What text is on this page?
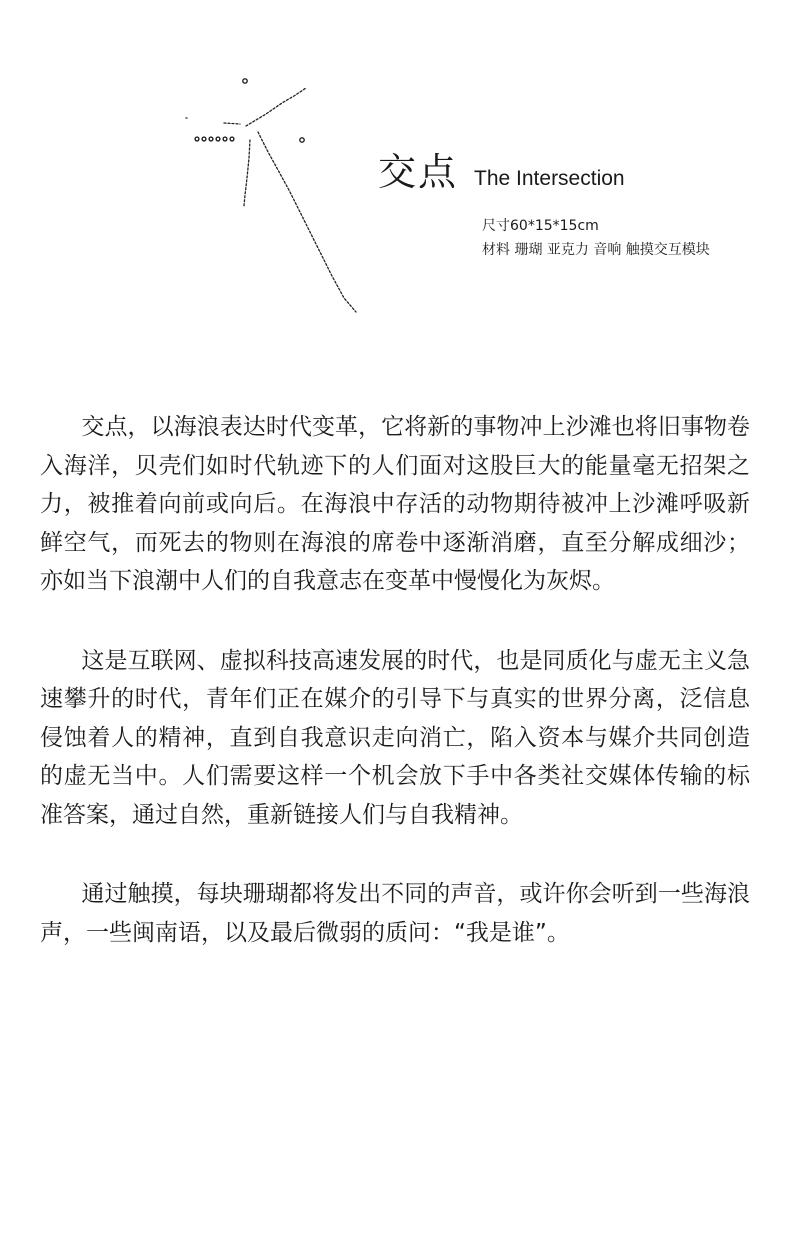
交点 The Intersection
尺寸60*15*15cm
材料 珊瑚 亚克力 音响 触摸交互模块

交点，以海浪表达时代变革，它将新的事物冲上沙滩也将旧事物卷入海洋，贝壳们如时代轨迹下的人们面对这股巨大的能量毫无招架之力，被推着向前或向后。在海浪中存活的动物期待被冲上沙滩呼吸新鲜空气，而死去的物则在海浪的席卷中逐渐消磨，直至分解成细沙；亦如当下浪潮中人们的自我意志在变革中慢慢化为灰烬。

这是互联网、虚拟科技高速发展的时代，也是同质化与虚无主义急速攀升的时代，青年们正在媒介的引导下与真实的世界分离，泛信息侵蚀着人的精神，直到自我意识走向消亡，陷入资本与媒介共同创造的虚无当中。人们需要这样一个机会放下手中各类社交媒体传输的标准答案，通过自然，重新链接人们与自我精神。

通过触摸，每块珊瑚都将发出不同的声音，或许你会听到一些海浪声，一些闽南语，以及最后微弱的质问：“我是谁”。
